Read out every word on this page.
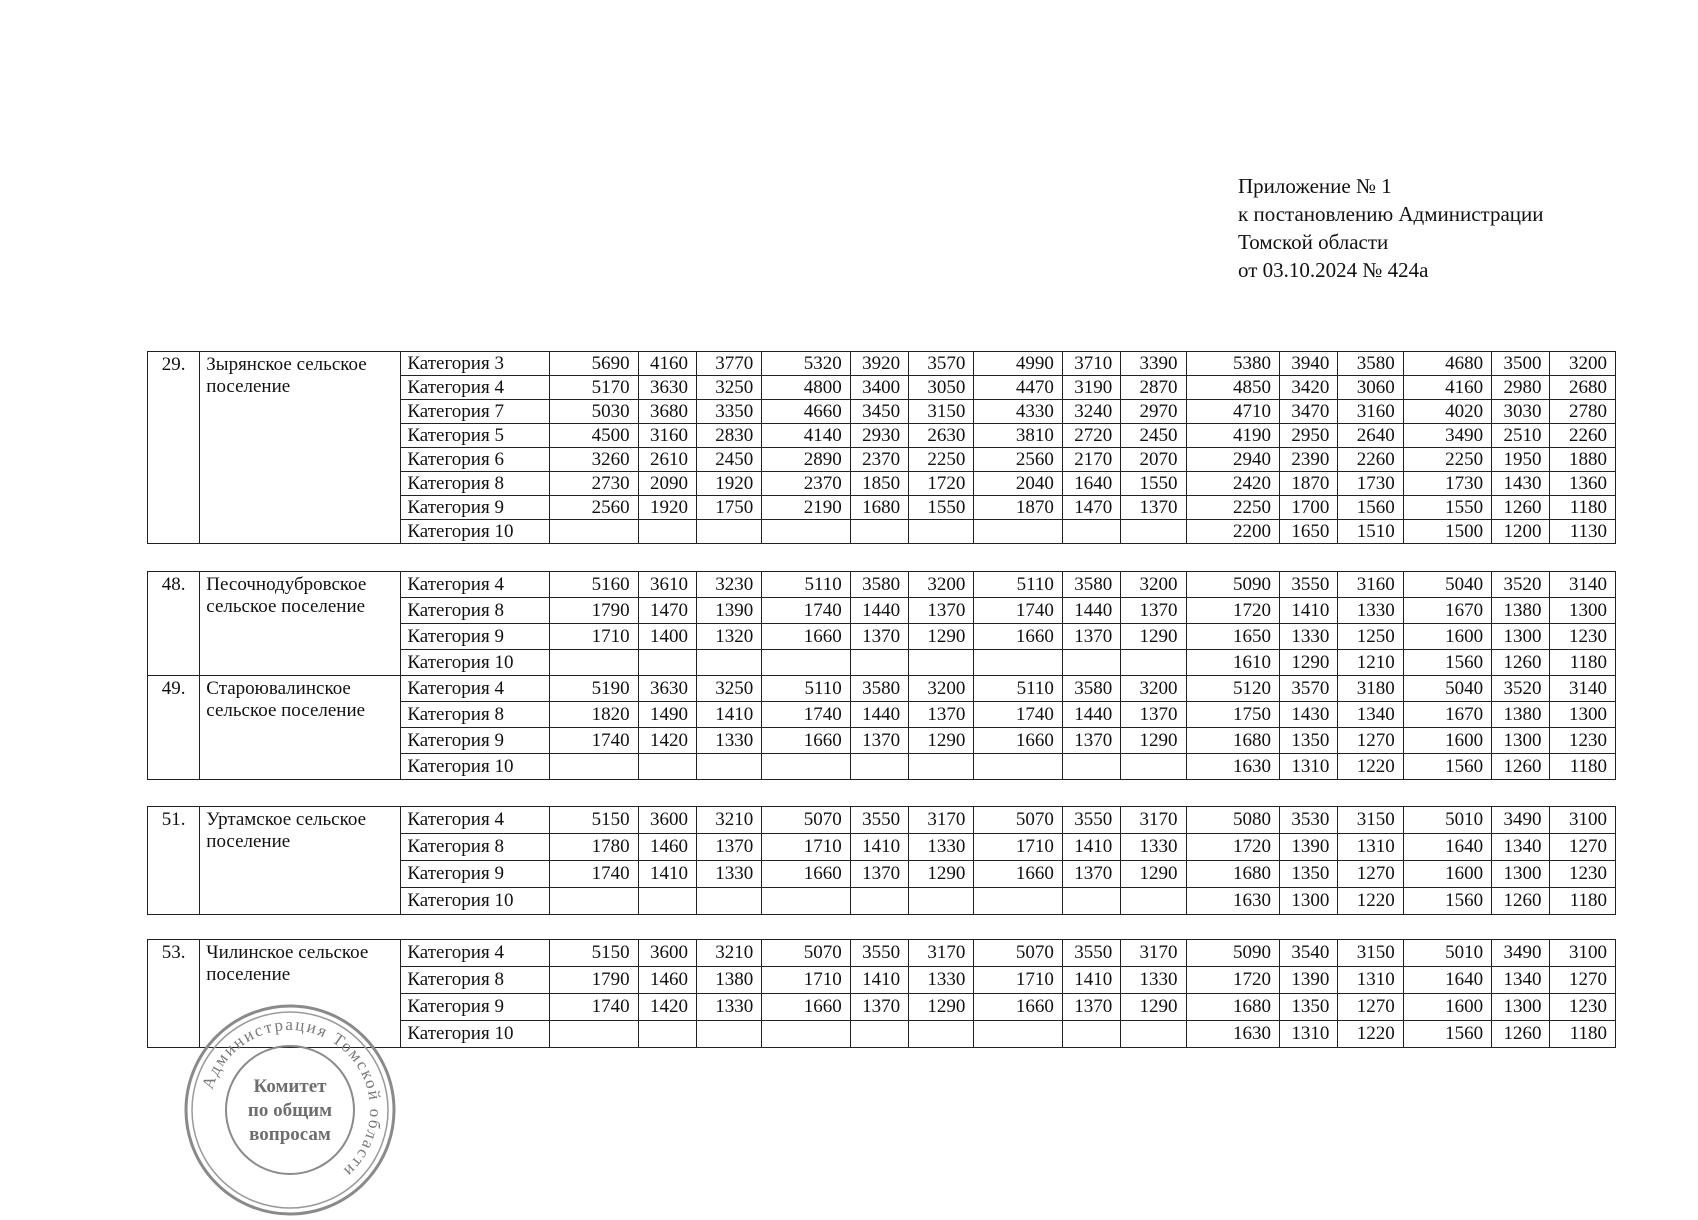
Приложение № 1
к постановлению Администрации
Томской области
от 03.10.2024 № 424а
29.	Зырянское сельское поселение	Категория 3	5690	4160	3770	5320	3920	3570	4990	3710	3390	5380	3940	3580	4680	3500	3200
		Категория 4	5170	3630	3250	4800	3400	3050	4470	3190	2870	4850	3420	3060	4160	2980	2680
		Категория 7	5030	3680	3350	4660	3450	3150	4330	3240	2970	4710	3470	3160	4020	3030	2780
		Категория 5	4500	3160	2830	4140	2930	2630	3810	2720	2450	4190	2950	2640	3490	2510	2260
		Категория 6	3260	2610	2450	2890	2370	2250	2560	2170	2070	2940	2390	2260	2250	1950	1880
		Категория 8	2730	2090	1920	2370	1850	1720	2040	1640	1550	2420	1870	1730	1730	1430	1360
		Категория 9	2560	1920	1750	2190	1680	1550	1870	1470	1370	2250	1700	1560	1550	1260	1180
		Категория 10										2200	1650	1510	1500	1200	1130
48.	Песочнодубровское сельское поселение	Категория 4	5160	3610	3230	5110	3580	3200	5110	3580	3200	5090	3550	3160	5040	3520	3140
		Категория 8	1790	1470	1390	1740	1440	1370	1740	1440	1370	1720	1410	1330	1670	1380	1300
		Категория 9	1710	1400	1320	1660	1370	1290	1660	1370	1290	1650	1330	1250	1600	1300	1230
		Категория 10										1610	1290	1210	1560	1260	1180
49.	Староювалинское сельское поселение	Категория 4	5190	3630	3250	5110	3580	3200	5110	3580	3200	5120	3570	3180	5040	3520	3140
		Категория 8	1820	1490	1410	1740	1440	1370	1740	1440	1370	1750	1430	1340	1670	1380	1300
		Категория 9	1740	1420	1330	1660	1370	1290	1660	1370	1290	1680	1350	1270	1600	1300	1230
		Категория 10										1630	1310	1220	1560	1260	1180
51.	Уртамское сельское поселение	Категория 4	5150	3600	3210	5070	3550	3170	5070	3550	3170	5080	3530	3150	5010	3490	3100
		Категория 8	1780	1460	1370	1710	1410	1330	1710	1410	1330	1720	1390	1310	1640	1340	1270
		Категория 9	1740	1410	1330	1660	1370	1290	1660	1370	1290	1680	1350	1270	1600	1300	1230
		Категория 10										1630	1300	1220	1560	1260	1180
53.	Чилинское сельское поселение	Категория 4	5150	3600	3210	5070	3550	3170	5070	3550	3170	5090	3540	3150	5010	3490	3100
		Категория 8	1790	1460	1380	1710	1410	1330	1710	1410	1330	1720	1390	1310	1640	1340	1270
		Категория 9	1740	1420	1330	1660	1370	1290	1660	1370	1290	1680	1350	1270	1600	1300	1230
		Категория 10										1630	1310	1220	1560	1260	1180
Администрация Томской области
Комитет
по общим
вопросам
